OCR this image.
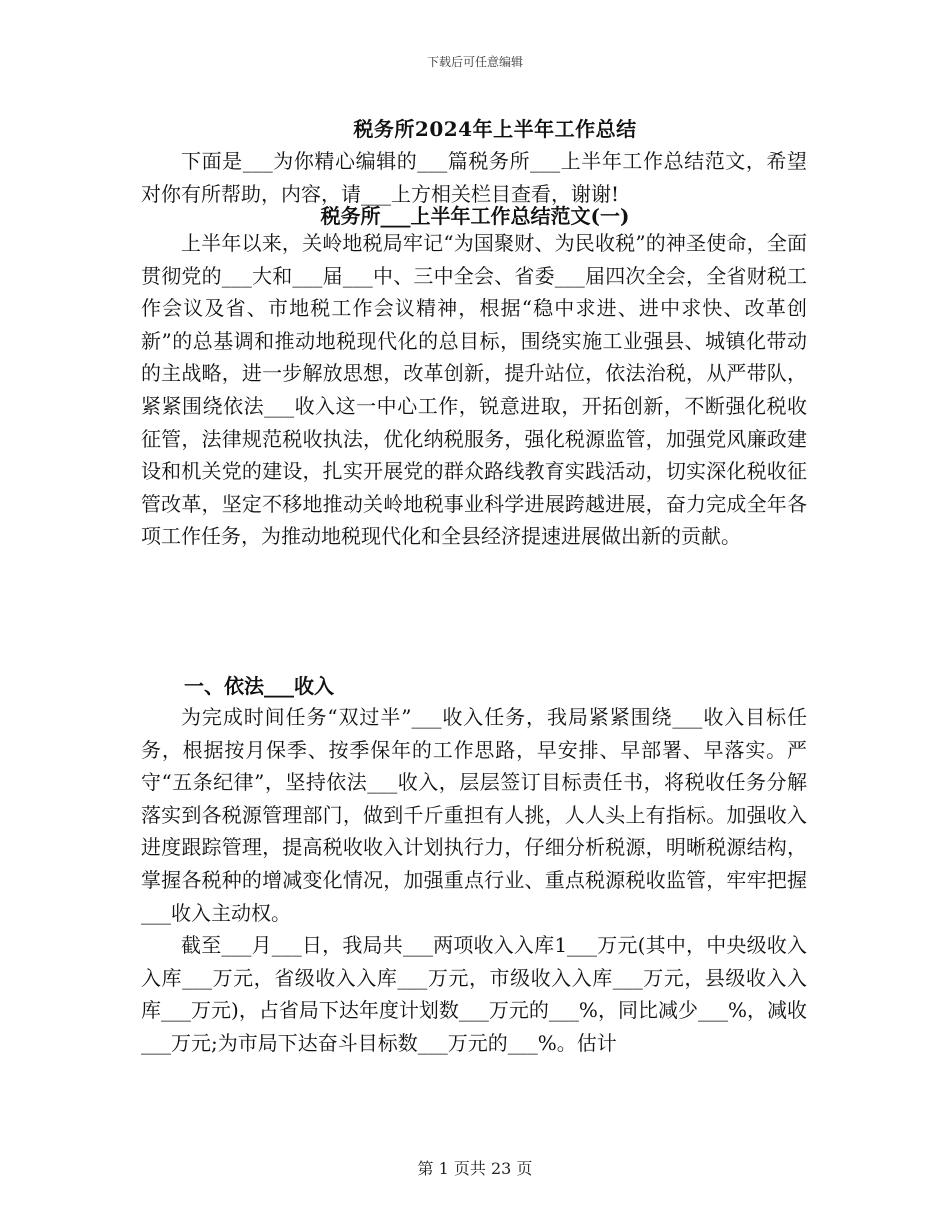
下载后可任意编辑
税务所2024年上半年工作总结

下面是___为你精心编辑的___篇税务所___上半年工作总结范文，希望对你有所帮助，内容，请___上方相关栏目查看，谢谢!

税务所___上半年工作总结范文(一)

上半年以来，关岭地税局牢记“为国聚财、为民收税”的神圣使命，全面贯彻党的___大和___届___中、三中全会、省委___届四次全会，全省财税工作会议及省、市地税工作会议精神，根据“稳中求进、进中求快、改革创新”的总基调和推动地税现代化的总目标，围绕实施工业强县、城镇化带动的主战略，进一步解放思想，改革创新，提升站位，依法治税，从严带队，紧紧围绕依法___收入这一中心工作，锐意进取，开拓创新，不断强化税收征管，法律规范税收执法，优化纳税服务，强化税源监管，加强党风廉政建设和机关党的建设，扎实开展党的群众路线教育实践活动，切实深化税收征管改革，坚定不移地推动关岭地税事业科学进展跨越进展，奋力完成全年各项工作任务，为推动地税现代化和全县经济提速进展做出新的贡献。

一、依法___收入

为完成时间任务“双过半”___收入任务，我局紧紧围绕___收入目标任务，根据按月保季、按季保年的工作思路，早安排、早部署、早落实。严守“五条纪律”，坚持依法___收入，层层签订目标责任书，将税收任务分解落实到各税源管理部门，做到千斤重担有人挑，人人头上有指标。加强收入进度跟踪管理，提高税收收入计划执行力，仔细分析税源，明晰税源结构，掌握各税种的增减变化情况，加强重点行业、重点税源税收监管，牢牢把握___收入主动权。

截至___月___日，我局共___两项收入入库1___万元(其中，中央级收入入库___万元，省级收入入库___万元，市级收入入库___万元，县级收入入库___万元)，占省局下达年度计划数___万元的___%，同比减少___%，减收___万元;为市局下达奋斗目标数___万元的___%。估计

第 1 页共 23 页
